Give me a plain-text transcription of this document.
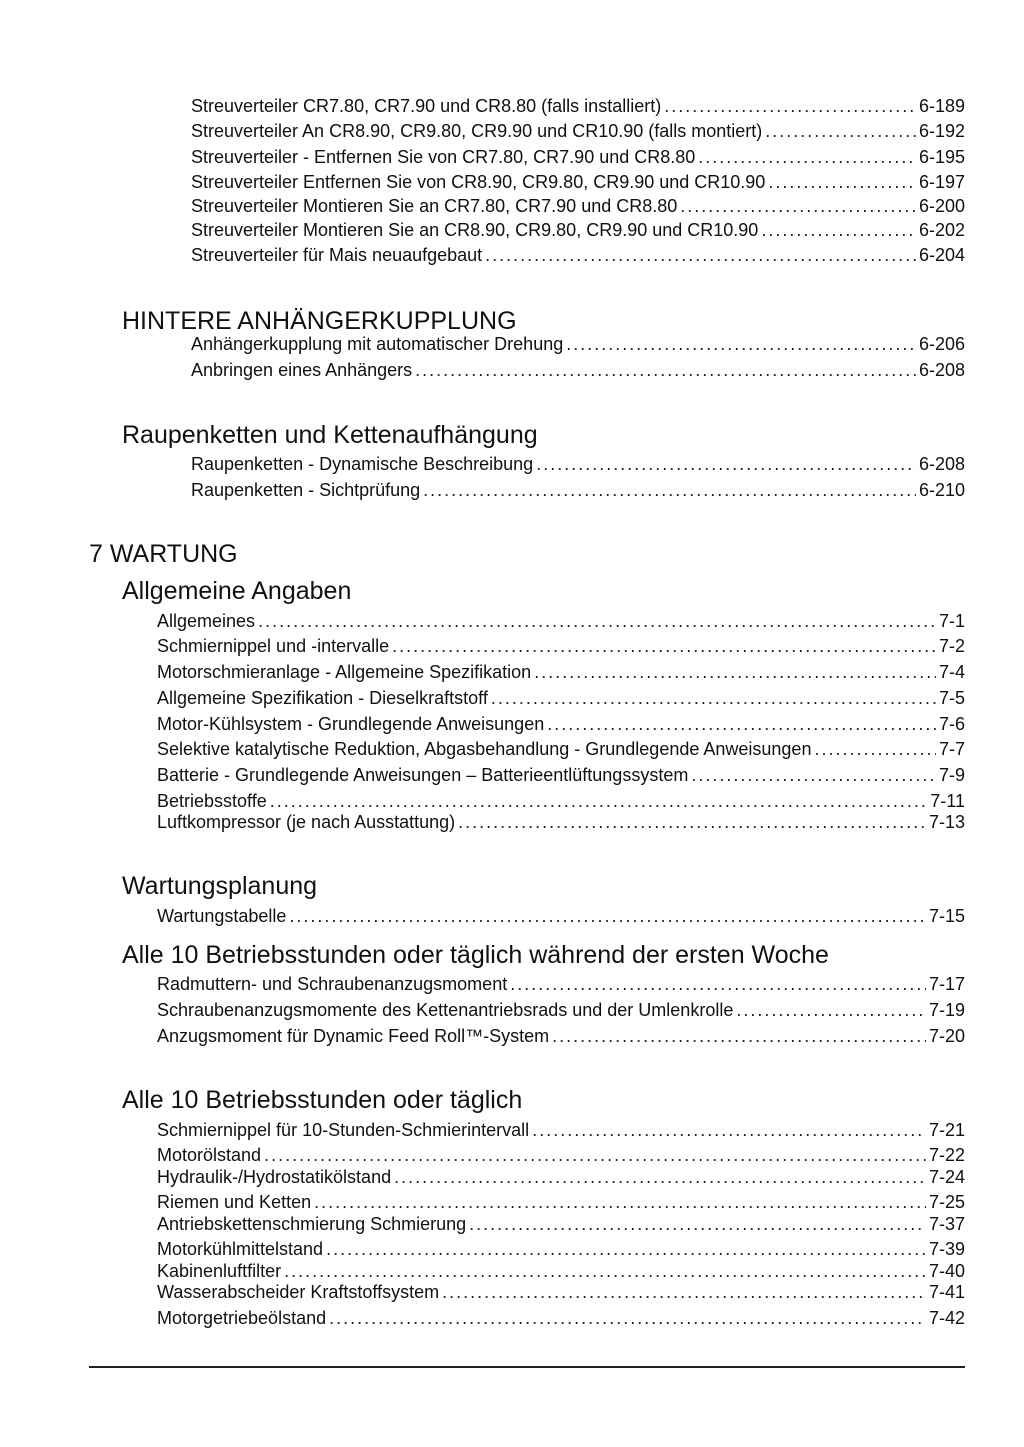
Streuverteiler CR7.80, CR7.90 und CR8.80 (falls installiert) . . .	6-189
Streuverteiler An CR8.90, CR9.80, CR9.90 und CR10.90 (falls montiert) . . .	6-192
Streuverteiler - Entfernen Sie von CR7.80, CR7.90 und CR8.80 . . .	6-195
Streuverteiler Entfernen Sie von CR8.90, CR9.80, CR9.90 und CR10.90 . . .	6-197
Streuverteiler Montieren Sie an CR7.80, CR7.90 und CR8.80 . . .	6-200
Streuverteiler Montieren Sie an CR8.90, CR9.80, CR9.90 und CR10.90 . . .	6-202
Streuverteiler für Mais neuaufgebaut . . .	6-204
HINTERE ANHÄNGERKUPPLUNG
Anhängerkupplung mit automatischer Drehung . . .	6-206
Anbringen eines Anhängers . . .	6-208
Raupenketten und Kettenaufhängung
Raupenketten - Dynamische Beschreibung . . .	6-208
Raupenketten - Sichtprüfung . . .	6-210
7 WARTUNG
Allgemeine Angaben
Allgemeines . . .	7-1
Schmiernippel und -intervalle . . .	7-2
Motorschmieranlage - Allgemeine Spezifikation . . .	7-4
Allgemeine Spezifikation - Dieselkraftstoff . . .	7-5
Motor-Kühlsystem - Grundlegende Anweisungen . . .	7-6
Selektive katalytische Reduktion, Abgasbehandlung - Grundlegende Anweisungen . . .	7-7
Batterie - Grundlegende Anweisungen – Batterieentlüftungssystem . . .	7-9
Betriebsstoffe . . .	7-11
Luftkompressor (je nach Ausstattung) . . .	7-13
Wartungsplanung
Wartungstabelle . . .	7-15
Alle 10 Betriebsstunden oder täglich während der ersten Woche
Radmuttern- und Schraubenanzugsmoment . . .	7-17
Schraubenanzugsmomente des Kettenantriebsrads und der Umlenkrolle . . .	7-19
Anzugsmoment für Dynamic Feed Roll™-System . . .	7-20
Alle 10 Betriebsstunden oder täglich
Schmiernippel für 10-Stunden-Schmierintervall . . .	7-21
Motorölstand . . .	7-22
Hydraulik-/Hydrostatikölstand . . .	7-24
Riemen und Ketten . . .	7-25
Antriebskettenschmierung Schmierung . . .	7-37
Motorkühlmittelstand . . .	7-39
Kabinenluftfilter . . .	7-40
Wasserabscheider Kraftstoffsystem . . .	7-41
Motorgetriebeölstand . . .	7-42
